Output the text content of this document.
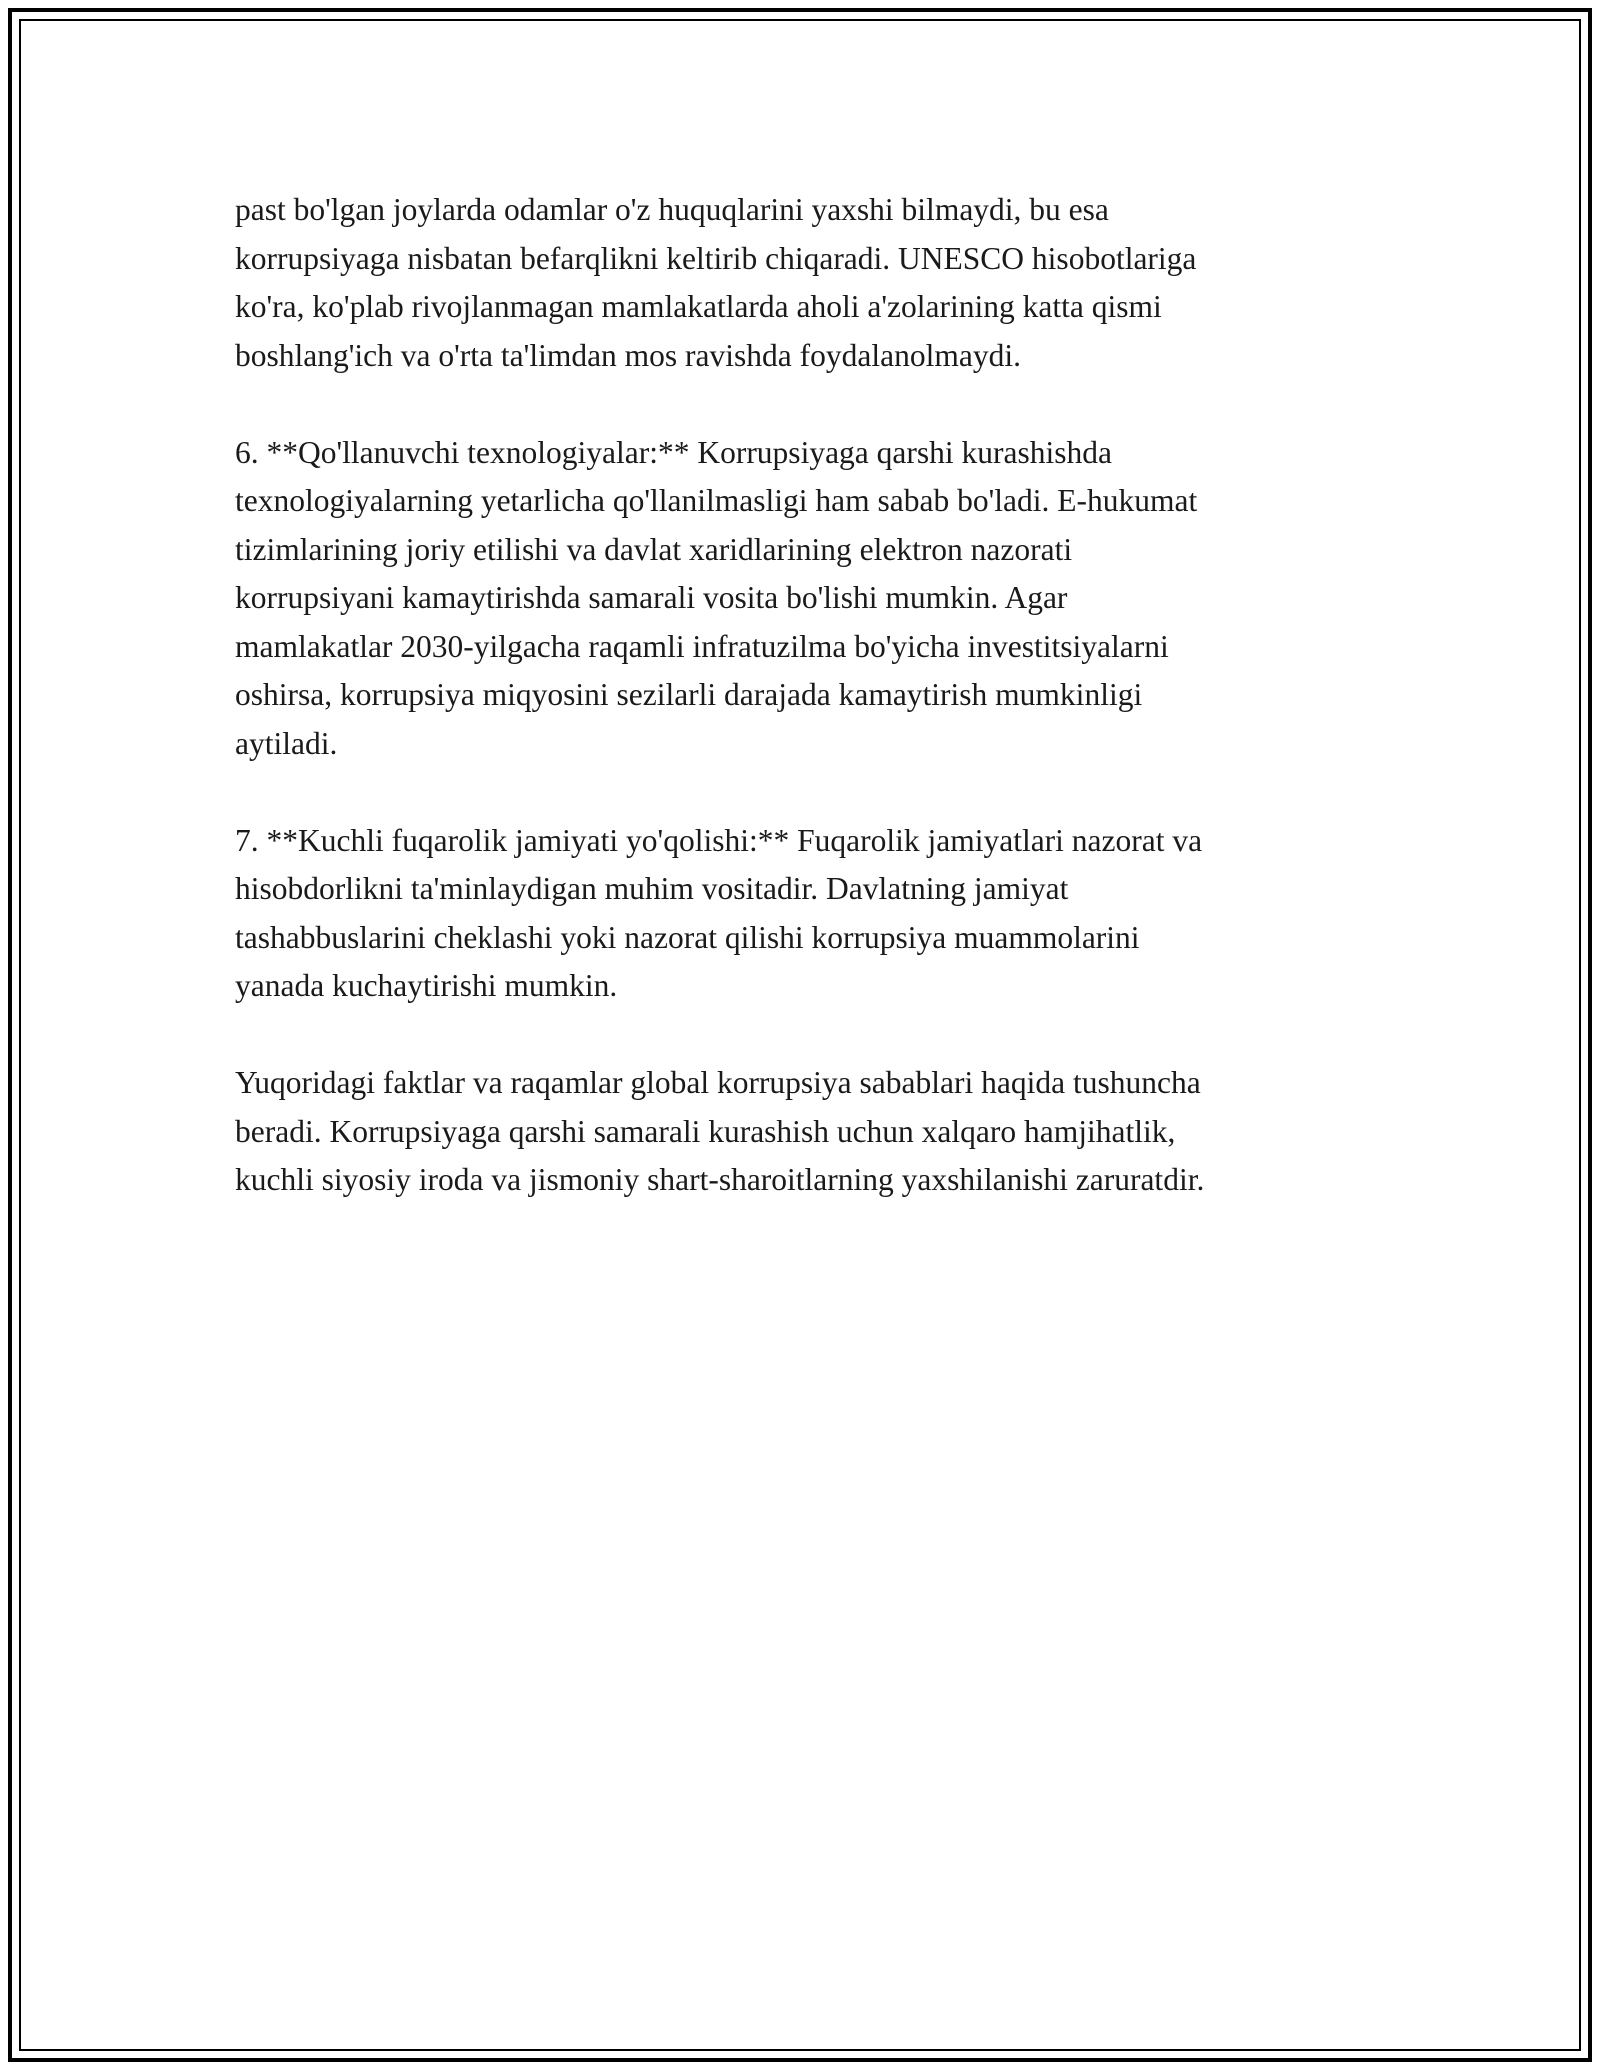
past bo'lgan joylarda odamlar o'z huquqlarini yaxshi bilmaydi, bu esa
korrupsiyaga nisbatan befarqlikni keltirib chiqaradi. UNESCO hisobotlariga
ko'ra, ko'plab rivojlanmagan mamlakatlarda aholi a'zolarining katta qismi
boshlang'ich va o'rta ta'limdan mos ravishda foydalanolmaydi.

6. **Qo'llanuvchi texnologiyalar:** Korrupsiyaga qarshi kurashishda
texnologiyalarning yetarlicha qo'llanilmasligi ham sabab bo'ladi. E-hukumat
tizimlarining joriy etilishi va davlat xaridlarining elektron nazorati
korrupsiyani kamaytirishda samarali vosita bo'lishi mumkin. Agar
mamlakatlar 2030-yilgacha raqamli infratuzilma bo'yicha investitsiyalarni
oshirsa, korrupsiya miqyosini sezilarli darajada kamaytirish mumkinligi
aytiladi.

7. **Kuchli fuqarolik jamiyati yo'qolishi:** Fuqarolik jamiyatlari nazorat va
hisobdorlikni ta'minlaydigan muhim vositadir. Davlatning jamiyat
tashabbuslarini cheklashi yoki nazorat qilishi korrupsiya muammolarini
yanada kuchaytirishi mumkin.

Yuqoridagi faktlar va raqamlar global korrupsiya sabablari haqida tushuncha
beradi. Korrupsiyaga qarshi samarali kurashish uchun xalqaro hamjihatlik,
kuchli siyosiy iroda va jismoniy shart-sharoitlarning yaxshilanishi zaruratdir.
